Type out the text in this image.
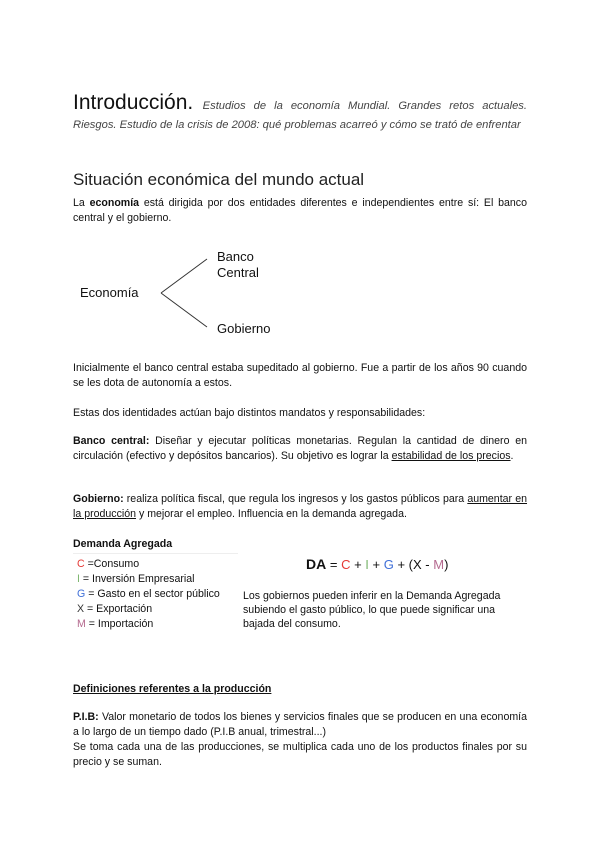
Introducción. Estudios de la economía Mundial. Grandes retos actuales. Riesgos. Estudio de la crisis de 2008: qué problemas acarreó y cómo se trató de enfrentar
Situación económica del mundo actual
La economía está dirigida por dos entidades diferentes e independientes entre sí: El banco central y el gobierno.
Economía
Banco
Central
Gobierno
Inicialmente el banco central estaba supeditado al gobierno. Fue a partir de los años 90 cuando se les dota de autonomía a estos.
Estas dos identidades actúan bajo distintos mandatos y responsabilidades:
Banco central: Diseñar y ejecutar políticas monetarias. Regulan la cantidad de dinero en circulación (efectivo y depósitos bancarios). Su objetivo es lograr la estabilidad de los precios.
Gobierno: realiza política fiscal, que regula los ingresos y los gastos públicos para aumentar en la producción y mejorar el empleo. Influencia en la demanda agregada.
Demanda Agregada
C =Consumo
I = Inversión Empresarial
G = Gasto en el sector público
X = Exportación
M = Importación
DA = C + I + G + (X - M)
Los gobiernos pueden inferir en la Demanda Agregada subiendo el gasto público, lo que puede significar una bajada del consumo.
Definiciones referentes a la producción
P.I.B: Valor monetario de todos los bienes y servicios finales que se producen en una economía a lo largo de un tiempo dado (P.I.B anual, trimestral...)
Se toma cada una de las producciones, se multiplica cada uno de los productos finales por su precio y se suman.
